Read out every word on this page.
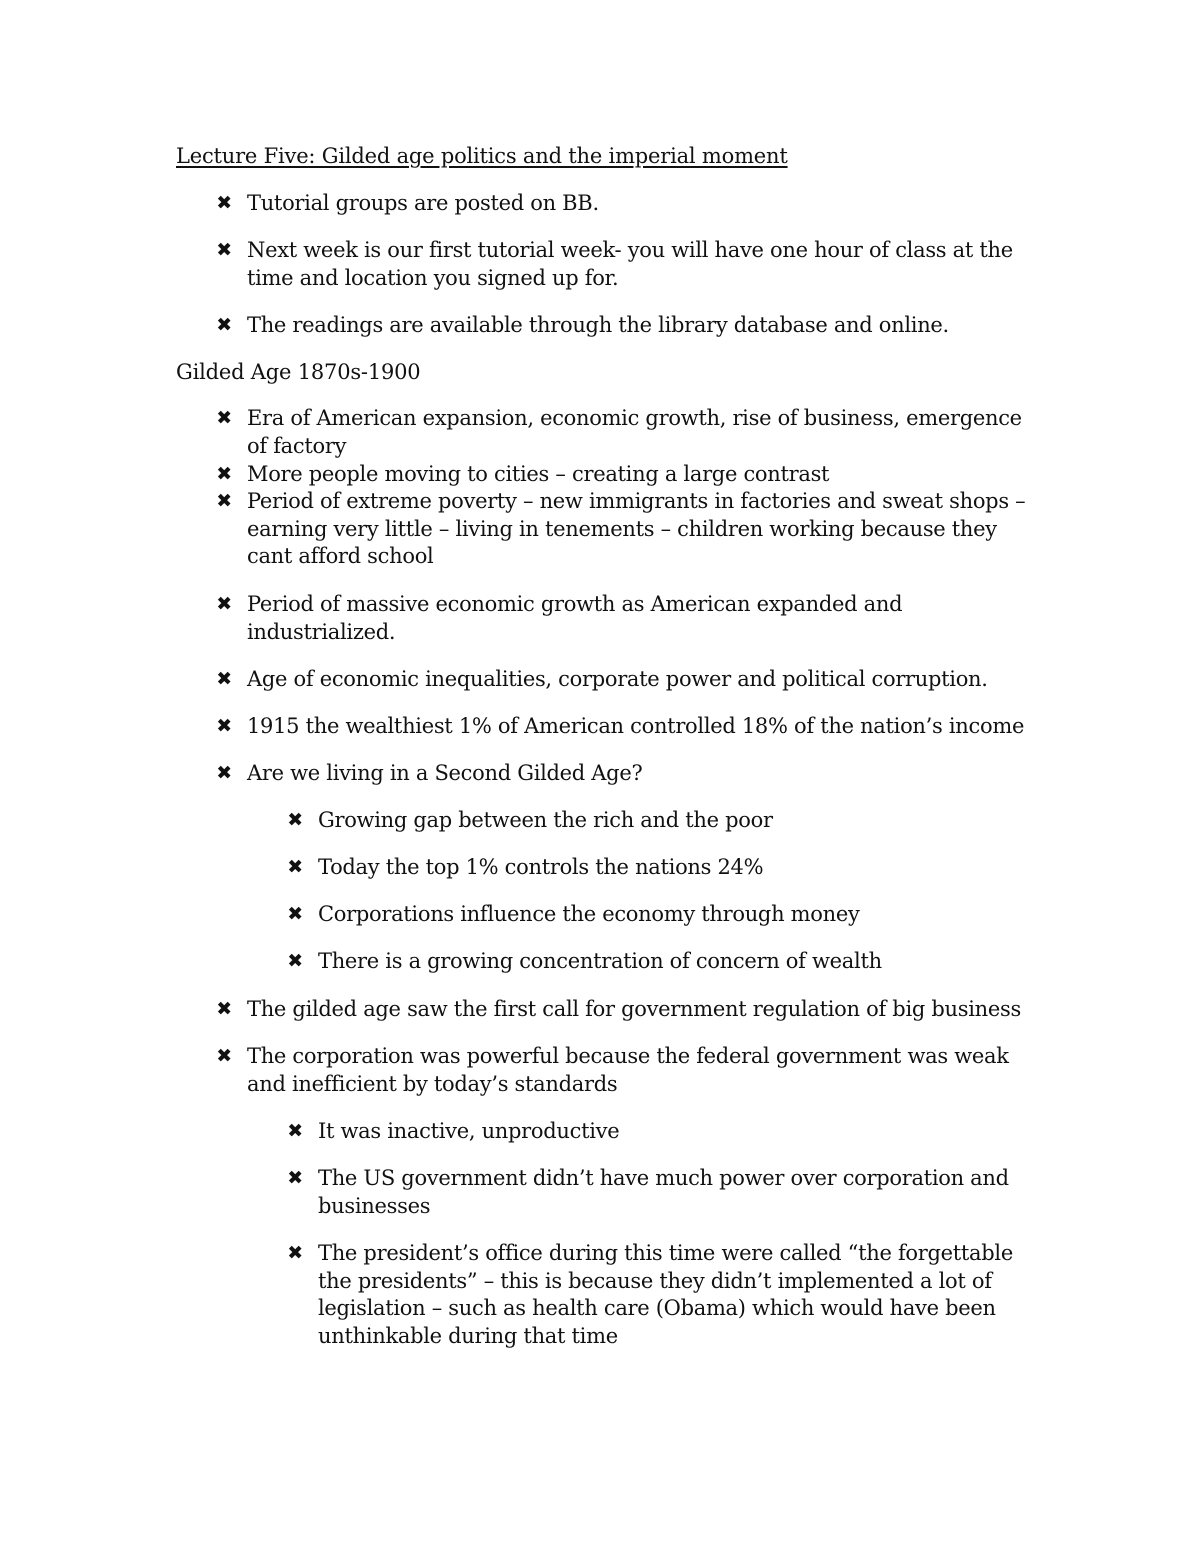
Lecture Five: Gilded age politics and the imperial moment
✖ Tutorial groups are posted on BB.
✖ Next week is our first tutorial week- you will have one hour of class at the time and location you signed up for.
✖ The readings are available through the library database and online.
Gilded Age 1870s-1900
✖ Era of American expansion, economic growth, rise of business, emergence of factory
✖ More people moving to cities – creating a large contrast
✖ Period of extreme poverty – new immigrants in factories and sweat shops – earning very little – living in tenements – children working because they cant afford school
✖ Period of massive economic growth as American expanded and industrialized.
✖ Age of economic inequalities, corporate power and political corruption.
✖ 1915 the wealthiest 1% of American controlled 18% of the nation’s income
✖ Are we living in a Second Gilded Age?
✖ Growing gap between the rich and the poor
✖ Today the top 1% controls the nations 24%
✖ Corporations influence the economy through money
✖ There is a growing concentration of concern of wealth
✖ The gilded age saw the first call for government regulation of big business
✖ The corporation was powerful because the federal government was weak and inefficient by today’s standards
✖ It was inactive, unproductive
✖ The US government didn’t have much power over corporation and businesses
✖ The president’s office during this time were called “the forgettable the presidents” – this is because they didn’t implemented a lot of legislation – such as health care (Obama) which would have been unthinkable during that time
